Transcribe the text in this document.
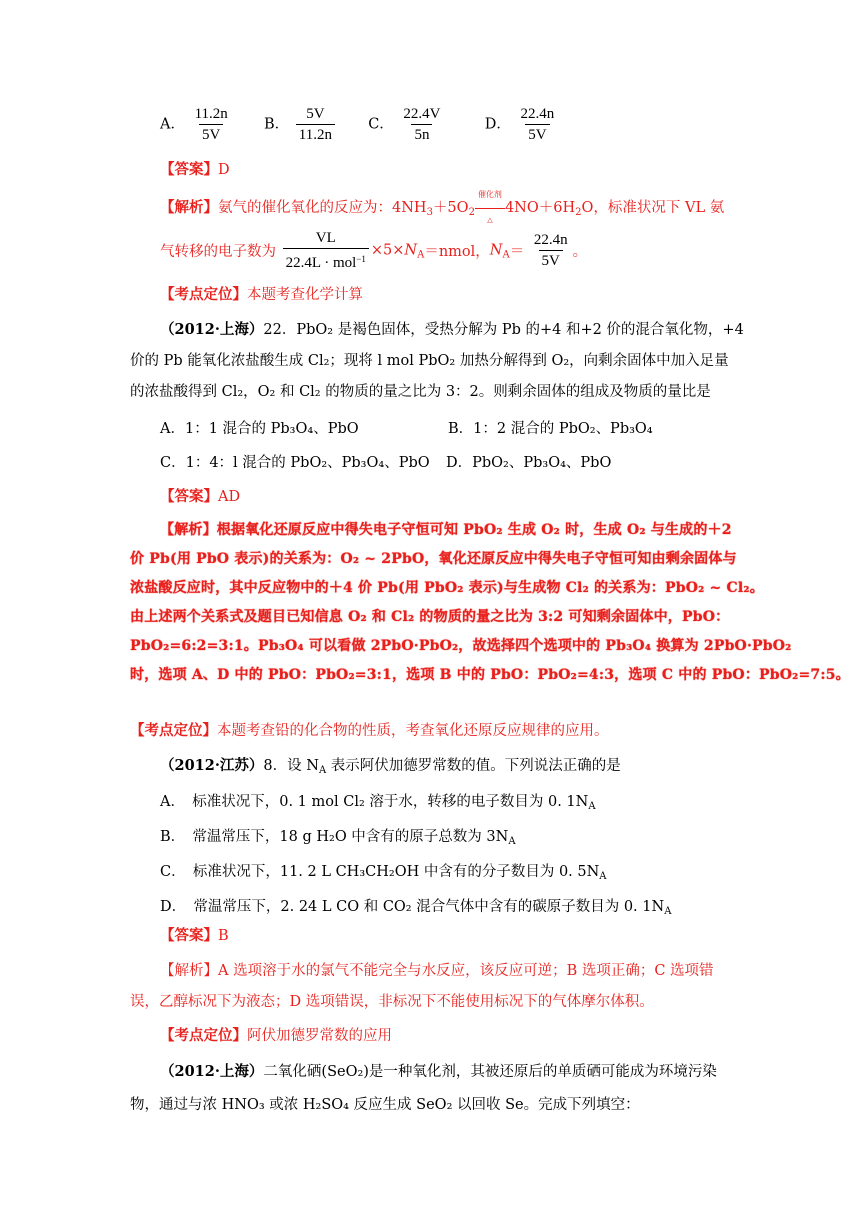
A． $\frac{11.2n}{5V}$ B． $\frac{5V}{11.2n}$ C． $\frac{22.4V}{5n}$	D． $\frac{22.4n}{5V}$
【答案】D
【解析】氨气的催化氧化的反应为：$4NH_3+5O_2$
催化剂
△
$4NO+6H_2O$，标准状况下 VL 氨
气转移的电子数为 $\frac{VL}{22.4L \cdot mol^{-1}}$ $\times 5\times N_A=nmol$，$N_A= \frac{22.4n}{5V}$ 。
【考点定位】本题考查化学计算
（2012·上海）22．PbO₂ 是褐色固体，受热分解为 Pb 的+4 和+2 价的混合氧化物，+4
价的 Pb 能氧化浓盐酸生成 Cl₂；现将 l mol PbO₂ 加热分解得到 O₂，向剩余固体中加入足量
的浓盐酸得到 Cl₂，O₂ 和 Cl₂ 的物质的量之比为 3：2。则剩余固体的组成及物质的量比是
A．1：1 混合的 Pb₃O₄、PbO	B．1：2 混合的 PbO₂、Pb₃O₄
C．1：4：l 混合的 PbO₂、Pb₃O₄、PbO D．PbO₂、Pb₃O₄、PbO
【答案】AD
【解析】根据氧化还原反应中得失电子守恒可知 PbO₂ 生成 O₂ 时，生成 O₂ 与生成的＋2
价 Pb(用 PbO 表示)的关系为：O₂ ~ 2PbO，氧化还原反应中得失电子守恒可知由剩余固体与
浓盐酸反应时，其中反应物中的＋4 价 Pb(用 PbO₂ 表示)与生成物 Cl₂ 的关系为：PbO₂ ~ Cl₂。
由上述两个关系式及题目已知信息 O₂ 和 Cl₂ 的物质的量之比为 3:2 可知剩余固体中，PbO：
PbO₂=6:2=3:1。Pb₃O₄ 可以看做 2PbO·PbO₂，故选择四个选项中的 Pb₃O₄ 换算为 2PbO·PbO₂
时，选项 A、D 中的 PbO：PbO₂=3:1，选项 B 中的 PbO：PbO₂=4:3，选项 C 中的 PbO：PbO₂=7:5。
【考点定位】本题考查铅的化合物的性质，考查氧化还原反应规律的应用。
（2012·江苏）8．设 $N_A$ 表示阿伏加德罗常数的值。下列说法正确的是
A．　标准状况下，0. 1 mol Cl₂ 溶于水，转移的电子数目为 0. $1N_A$
B．　常温常压下，18 g H₂O 中含有的原子总数为 $3N_A$
C．　标准状况下，11. 2 L CH₃CH₂OH 中含有的分子数目为 0. $5N_A$
D．　常温常压下，2. 24 L CO 和 CO₂ 混合气体中含有的碳原子数目为 0. $1N_A$
【答案】B
【解析】A 选项溶于水的氯气不能完全与水反应，该反应可逆；B 选项正确；C 选项错
误，乙醇标况下为液态；D 选项错误，非标况下不能使用标况下的气体摩尔体积。
【考点定位】阿伏加德罗常数的应用
（2012·上海）二氧化硒(SeO₂)是一种氧化剂，其被还原后的单质硒可能成为环境污染
物，通过与浓 HNO₃ 或浓 H₂SO₄ 反应生成 SeO₂ 以回收 Se。完成下列填空：
